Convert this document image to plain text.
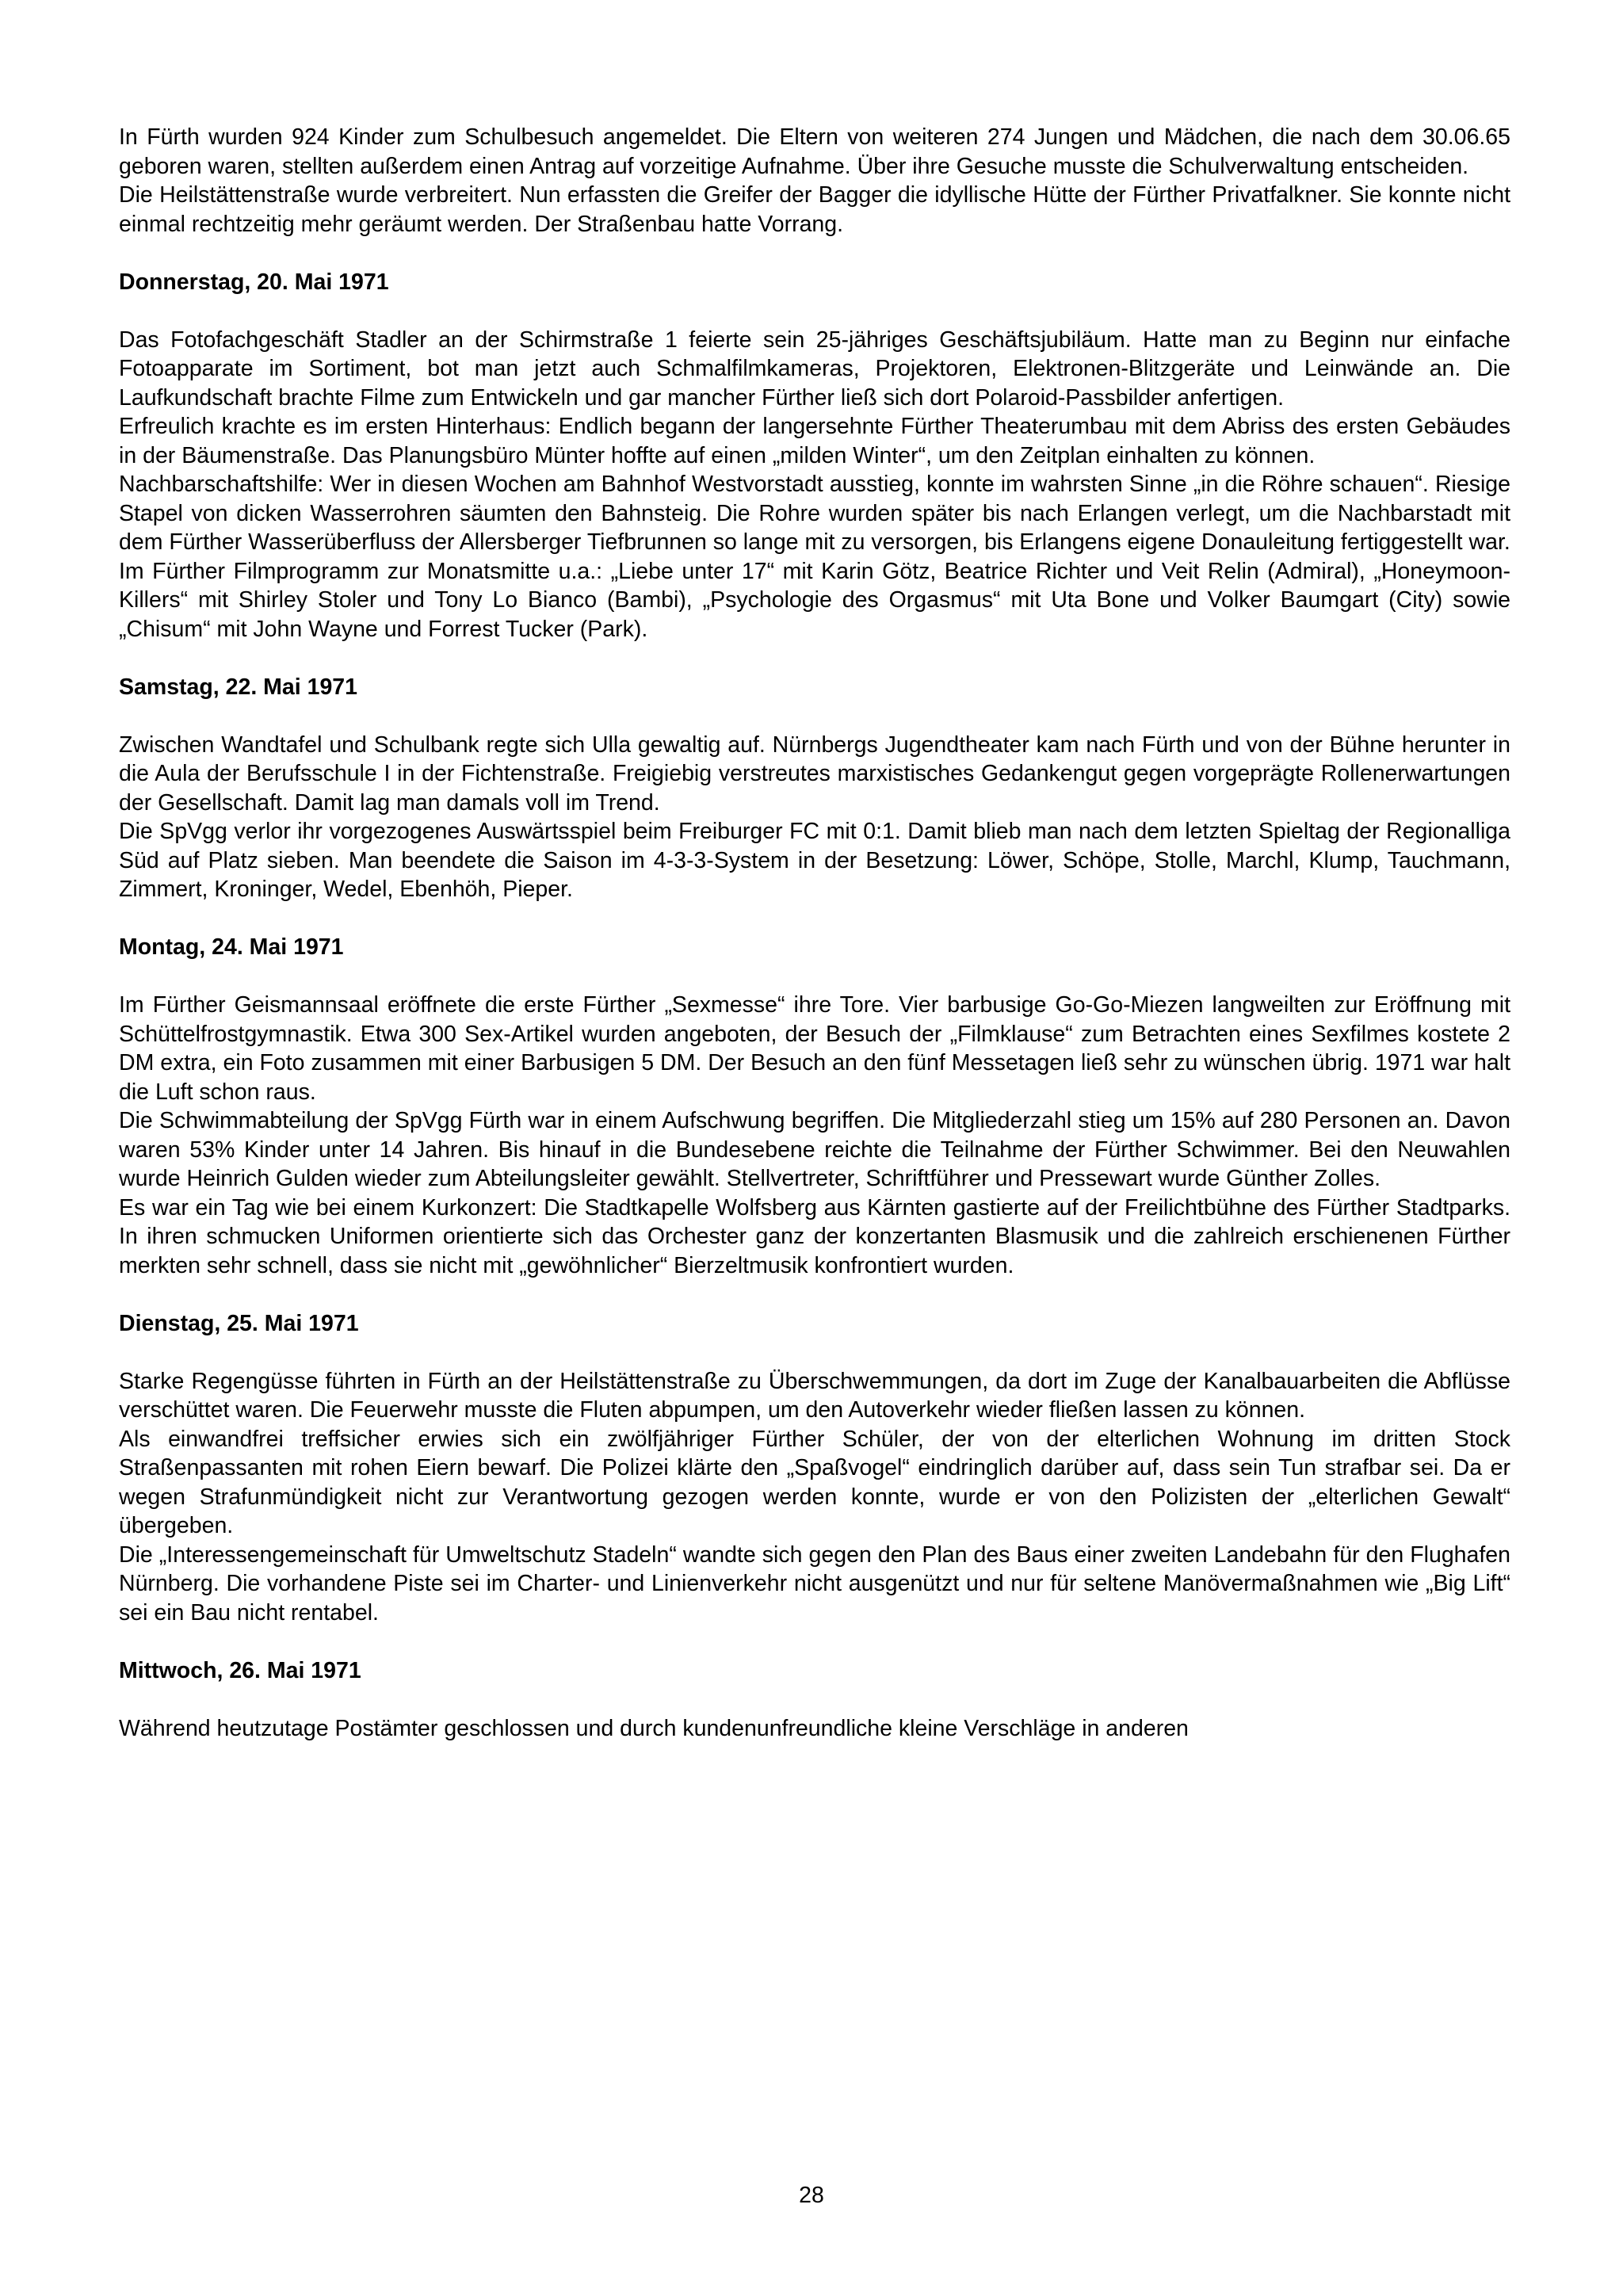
In Fürth wurden 924 Kinder zum Schulbesuch angemeldet. Die Eltern von weiteren 274 Jungen und Mädchen, die nach dem 30.06.65 geboren waren, stellten außerdem einen Antrag auf vorzeitige Aufnahme. Über ihre Gesuche musste die Schulverwaltung entscheiden.

Die Heilstättenstraße wurde verbreitert. Nun erfassten die Greifer der Bagger die idyllische Hütte der Fürther Privatfalkner. Sie konnte nicht einmal rechtzeitig mehr geräumt werden. Der Straßenbau hatte Vorrang.

Donnerstag, 20. Mai 1971

Das Fotofachgeschäft Stadler an der Schirmstraße 1 feierte sein 25-jähriges Geschäftsjubiläum. Hatte man zu Beginn nur einfache Fotoapparate im Sortiment, bot man jetzt auch Schmalfilmkameras, Projektoren, Elektronen-Blitzgeräte und Leinwände an. Die Laufkundschaft brachte Filme zum Entwickeln und gar mancher Fürther ließ sich dort Polaroid-Passbilder anfertigen.

Erfreulich krachte es im ersten Hinterhaus: Endlich begann der langersehnte Fürther Theaterumbau mit dem Abriss des ersten Gebäudes in der Bäumenstraße. Das Planungsbüro Münter hoffte auf einen „milden Winter“, um den Zeitplan einhalten zu können.

Nachbarschaftshilfe: Wer in diesen Wochen am Bahnhof Westvorstadt ausstieg, konnte im wahrsten Sinne „in die Röhre schauen“. Riesige Stapel von dicken Wasserrohren säumten den Bahnsteig. Die Rohre wurden später bis nach Erlangen verlegt, um die Nachbarstadt mit dem Fürther Wasserüberfluss der Allersberger Tiefbrunnen so lange mit zu versorgen, bis Erlangens eigene Donauleitung fertiggestellt war.

Im Fürther Filmprogramm zur Monatsmitte u.a.: „Liebe unter 17“ mit Karin Götz, Beatrice Richter und Veit Relin (Admiral), „Honeymoon-Killers“ mit Shirley Stoler und Tony Lo Bianco (Bambi), „Psychologie des Orgasmus“ mit Uta Bone und Volker Baumgart (City) sowie „Chisum“ mit John Wayne und Forrest Tucker (Park).

Samstag, 22. Mai 1971

Zwischen Wandtafel und Schulbank regte sich Ulla gewaltig auf. Nürnbergs Jugendtheater kam nach Fürth und von der Bühne herunter in die Aula der Berufsschule I in der Fichtenstraße. Freigiebig verstreutes marxistisches Gedankengut gegen vorgeprägte Rollenerwartungen der Gesellschaft. Damit lag man damals voll im Trend.

Die SpVgg verlor ihr vorgezogenes Auswärtsspiel beim Freiburger FC mit 0:1. Damit blieb man nach dem letzten Spieltag der Regionalliga Süd auf Platz sieben. Man beendete die Saison im 4-3-3-System in der Besetzung: Löwer, Schöpe, Stolle, Marchl, Klump, Tauchmann, Zimmert, Kroninger, Wedel, Ebenhöh, Pieper.

Montag, 24. Mai 1971

Im Fürther Geismannsaal eröffnete die erste Fürther „Sexmesse“ ihre Tore. Vier barbusige Go-Go-Miezen langweilten zur Eröffnung mit Schüttelfrostgymnastik. Etwa 300 Sex-Artikel wurden angeboten, der Besuch der „Filmklause“ zum Betrachten eines Sexfilmes kostete 2 DM extra, ein Foto zusammen mit einer Barbusigen 5 DM. Der Besuch an den fünf Messetagen ließ sehr zu wünschen übrig. 1971 war halt die Luft schon raus.

Die Schwimmabteilung der SpVgg Fürth war in einem Aufschwung begriffen. Die Mitgliederzahl stieg um 15% auf 280 Personen an. Davon waren 53% Kinder unter 14 Jahren. Bis hinauf in die Bundesebene reichte die Teilnahme der Fürther Schwimmer. Bei den Neuwahlen wurde Heinrich Gulden wieder zum Abteilungsleiter gewählt. Stellvertreter, Schriftführer und Pressewart wurde Günther Zolles.

Es war ein Tag wie bei einem Kurkonzert: Die Stadtkapelle Wolfsberg aus Kärnten gastierte auf der Freilichtbühne des Fürther Stadtparks. In ihren schmucken Uniformen orientierte sich das Orchester ganz der konzertanten Blasmusik und die zahlreich erschienenen Fürther merkten sehr schnell, dass sie nicht mit „gewöhnlicher“ Bierzeltmusik konfrontiert wurden.

Dienstag, 25. Mai 1971

Starke Regengüsse führten in Fürth an der Heilstättenstraße zu Überschwemmungen, da dort im Zuge der Kanalbauarbeiten die Abflüsse verschüttet waren. Die Feuerwehr musste die Fluten abpumpen, um den Autoverkehr wieder fließen lassen zu können.

Als einwandfrei treffsicher erwies sich ein zwölfjähriger Fürther Schüler, der von der elterlichen Wohnung im dritten Stock Straßenpassanten mit rohen Eiern bewarf. Die Polizei klärte den „Spaßvogel“ eindringlich darüber auf, dass sein Tun strafbar sei. Da er wegen Strafunmündigkeit nicht zur Verantwortung gezogen werden konnte, wurde er von den Polizisten der „elterlichen Gewalt“ übergeben.

Die „Interessengemeinschaft für Umweltschutz Stadeln“ wandte sich gegen den Plan des Baus einer zweiten Landebahn für den Flughafen Nürnberg. Die vorhandene Piste sei im Charter- und Linienverkehr nicht ausgenützt und nur für seltene Manövermaßnahmen wie „Big Lift“ sei ein Bau nicht rentabel.

Mittwoch, 26. Mai 1971

Während heutzutage Postämter geschlossen und durch kundenunfreundliche kleine Verschläge in anderen

28
